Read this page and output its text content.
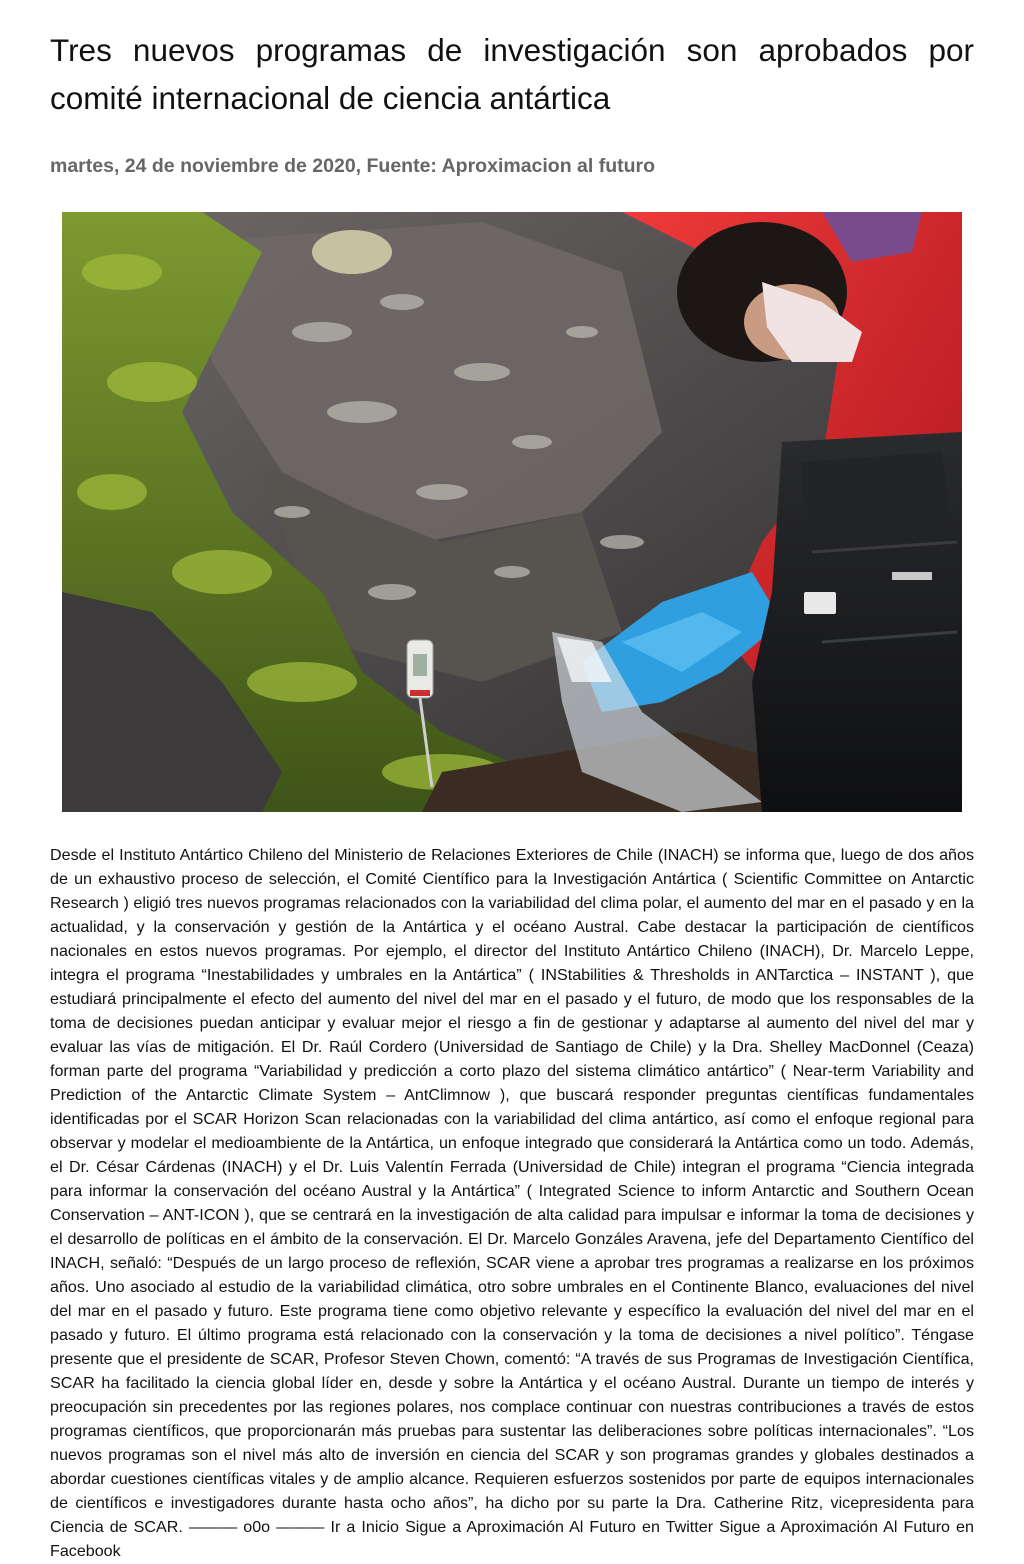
Tres nuevos programas de investigación son aprobados por comité internacional de ciencia antártica
martes, 24 de noviembre de 2020, Fuente: Aproximacion al futuro

Desde el Instituto Antártico Chileno del Ministerio de Relaciones Exteriores de Chile (INACH) se informa que, luego de dos años de un exhaustivo proceso de selección, el Comité Científico para la Investigación Antártica ( Scientific Committee on Antarctic Research ) eligió tres nuevos programas relacionados con la variabilidad del clima polar, el aumento del mar en el pasado y en la actualidad, y la conservación y gestión de la Antártica y el océano Austral. Cabe destacar la participación de científicos nacionales en estos nuevos programas. Por ejemplo, el director del Instituto Antártico Chileno (INACH), Dr. Marcelo Leppe, integra el programa “Inestabilidades y umbrales en la Antártica” ( INStabilities & Thresholds in ANTarctica – INSTANT ), que estudiará principalmente el efecto del aumento del nivel del mar en el pasado y el futuro, de modo que los responsables de la toma de decisiones puedan anticipar y evaluar mejor el riesgo a fin de gestionar y adaptarse al aumento del nivel del mar y evaluar las vías de mitigación. El Dr. Raúl Cordero (Universidad de Santiago de Chile) y la Dra. Shelley MacDonnel (Ceaza) forman parte del programa “Variabilidad y predicción a corto plazo del sistema climático antártico” ( Near-term Variability and Prediction of the Antarctic Climate System – AntClimnow ), que buscará responder preguntas científicas fundamentales identificadas por el SCAR Horizon Scan relacionadas con la variabilidad del clima antártico, así como el enfoque regional para observar y modelar el medioambiente de la Antártica, un enfoque integrado que considerará la Antártica como un todo. Además, el Dr. César Cárdenas (INACH) y el Dr. Luis Valentín Ferrada (Universidad de Chile) integran el programa “Ciencia integrada para informar la conservación del océano Austral y la Antártica” ( Integrated Science to inform Antarctic and Southern Ocean Conservation – ANT-ICON ), que se centrará en la investigación de alta calidad para impulsar e informar la toma de decisiones y el desarrollo de políticas en el ámbito de la conservación. El Dr. Marcelo Gonzáles Aravena, jefe del Departamento Científico del INACH, señaló: “Después de un largo proceso de reflexión, SCAR viene a aprobar tres programas a realizarse en los próximos años. Uno asociado al estudio de la variabilidad climática, otro sobre umbrales en el Continente Blanco, evaluaciones del nivel del mar en el pasado y futuro. Este programa tiene como objetivo relevante y específico la evaluación del nivel del mar en el pasado y futuro. El último programa está relacionado con la conservación y la toma de decisiones a nivel político”. Téngase presente que el presidente de SCAR, Profesor Steven Chown, comentó: “A través de sus Programas de Investigación Científica, SCAR ha facilitado la ciencia global líder en, desde y sobre la Antártica y el océano Austral. Durante un tiempo de interés y preocupación sin precedentes por las regiones polares, nos complace continuar con nuestras contribuciones a través de estos programas científicos, que proporcionarán más pruebas para sustentar las deliberaciones sobre políticas internacionales”. “Los nuevos programas son el nivel más alto de inversión en ciencia del SCAR y son programas grandes y globales destinados a abordar cuestiones científicas vitales y de amplio alcance. Requieren esfuerzos sostenidos por parte de equipos internacionales de científicos e investigadores durante hasta ocho años”, ha dicho por su parte la Dra. Catherine Ritz, vicepresidenta para Ciencia de SCAR. ——— o0o ——— Ir a Inicio Sigue a Aproximación Al Futuro en Twitter Sigue a Aproximación Al Futuro en Facebook
